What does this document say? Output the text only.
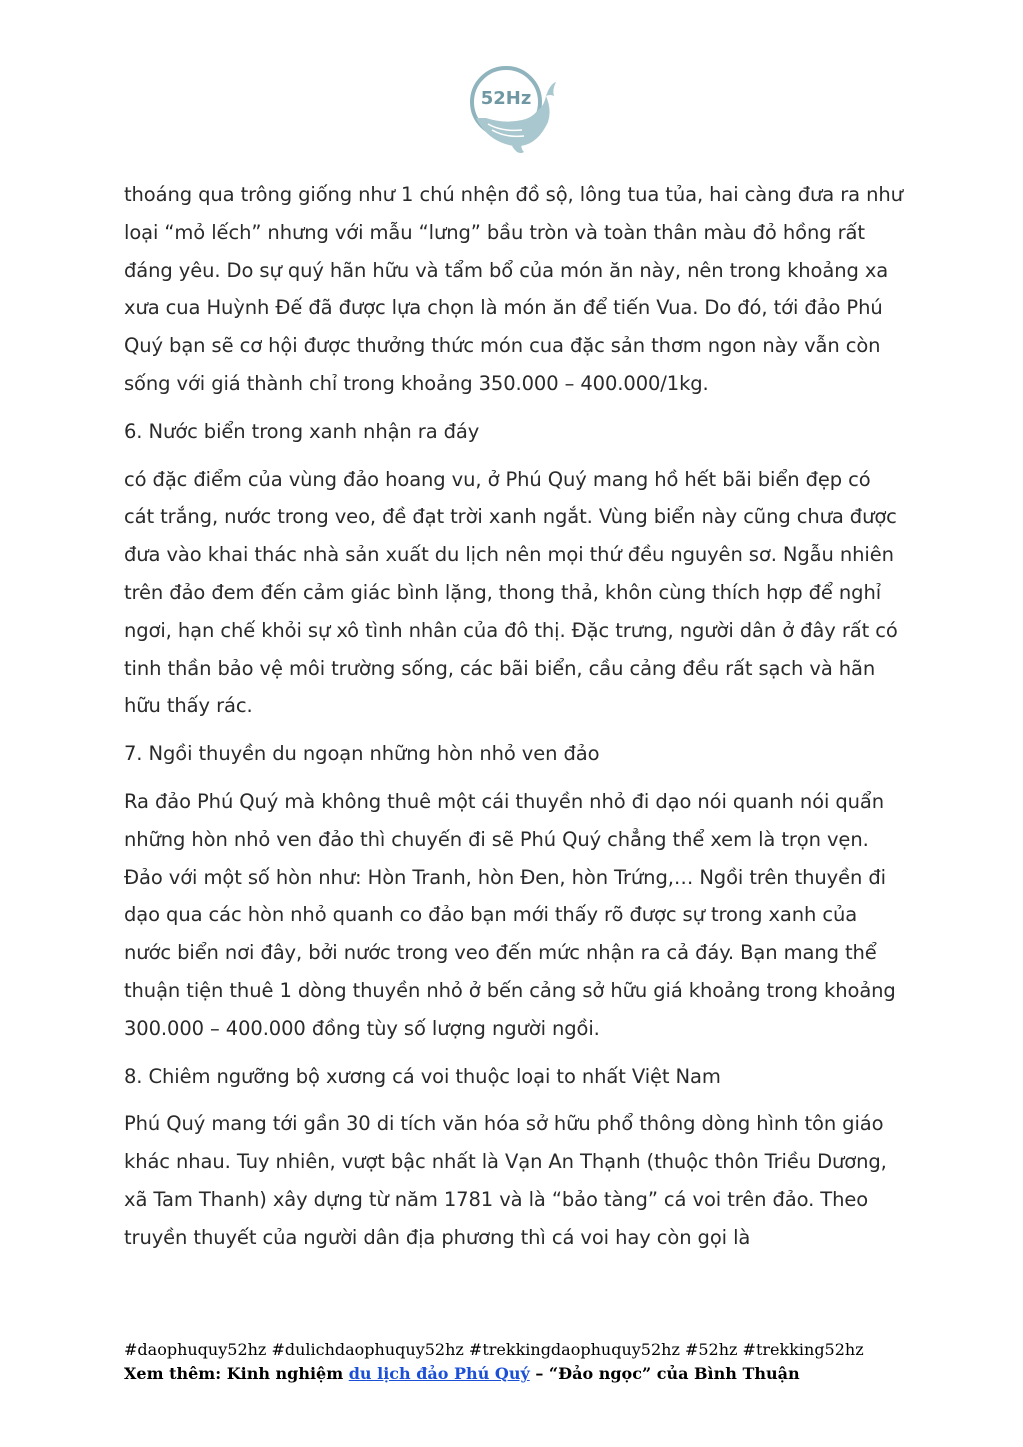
52Hz

thoáng qua trông giống như 1 chú nhện đồ sộ, lông tua tủa, hai càng đưa ra như loại “mỏ lếch” nhưng với mẫu “lưng” bầu tròn và toàn thân màu đỏ hồng rất đáng yêu. Do sự quý hãn hữu và tẩm bổ của món ăn này, nên trong khoảng xa xưa cua Huỳnh Đế đã được lựa chọn là món ăn để tiến Vua. Do đó, tới đảo Phú Quý bạn sẽ cơ hội được thưởng thức món cua đặc sản thơm ngon này vẫn còn sống với giá thành chỉ trong khoảng 350.000 – 400.000/1kg.

6. Nước biển trong xanh nhận ra đáy

có đặc điểm của vùng đảo hoang vu, ở Phú Quý mang hồ hết bãi biển đẹp có cát trắng, nước trong veo, đề đạt trời xanh ngắt. Vùng biển này cũng chưa được đưa vào khai thác nhà sản xuất du lịch nên mọi thứ đều nguyên sơ. Ngẫu nhiên trên đảo đem đến cảm giác bình lặng, thong thả, khôn cùng thích hợp để nghỉ ngơi, hạn chế khỏi sự xô tình nhân của đô thị. Đặc trưng, người dân ở đây rất có tinh thần bảo vệ môi trường sống, các bãi biển, cầu cảng đều rất sạch và hãn hữu thấy rác.

7. Ngồi thuyền du ngoạn những hòn nhỏ ven đảo

Ra đảo Phú Quý mà không thuê một cái thuyền nhỏ đi dạo nói quanh nói quẩn những hòn nhỏ ven đảo thì chuyến đi sẽ Phú Quý chẳng thể xem là trọn vẹn. Đảo với một số hòn như: Hòn Tranh, hòn Đen, hòn Trứng,… Ngồi trên thuyền đi dạo qua các hòn nhỏ quanh co đảo bạn mới thấy rõ được sự trong xanh của nước biển nơi đây, bởi nước trong veo đến mức nhận ra cả đáy. Bạn mang thể thuận tiện thuê 1 dòng thuyền nhỏ ở bến cảng sở hữu giá khoảng trong khoảng 300.000 – 400.000 đồng tùy số lượng người ngồi.

8. Chiêm ngưỡng bộ xương cá voi thuộc loại to nhất Việt Nam

Phú Quý mang tới gần 30 di tích văn hóa sở hữu phổ thông dòng hình tôn giáo khác nhau. Tuy nhiên, vượt bậc nhất là Vạn An Thạnh (thuộc thôn Triều Dương, xã Tam Thanh) xây dựng từ năm 1781 và là “bảo tàng” cá voi trên đảo. Theo truyền thuyết của người dân địa phương thì cá voi hay còn gọi là

#daophuquy52hz #dulichdaophuquy52hz #trekkingdaophuquy52hz #52hz #trekking52hz
Xem thêm: Kinh nghiệm du lịch đảo Phú Quý – “Đảo ngọc” của Bình Thuận
